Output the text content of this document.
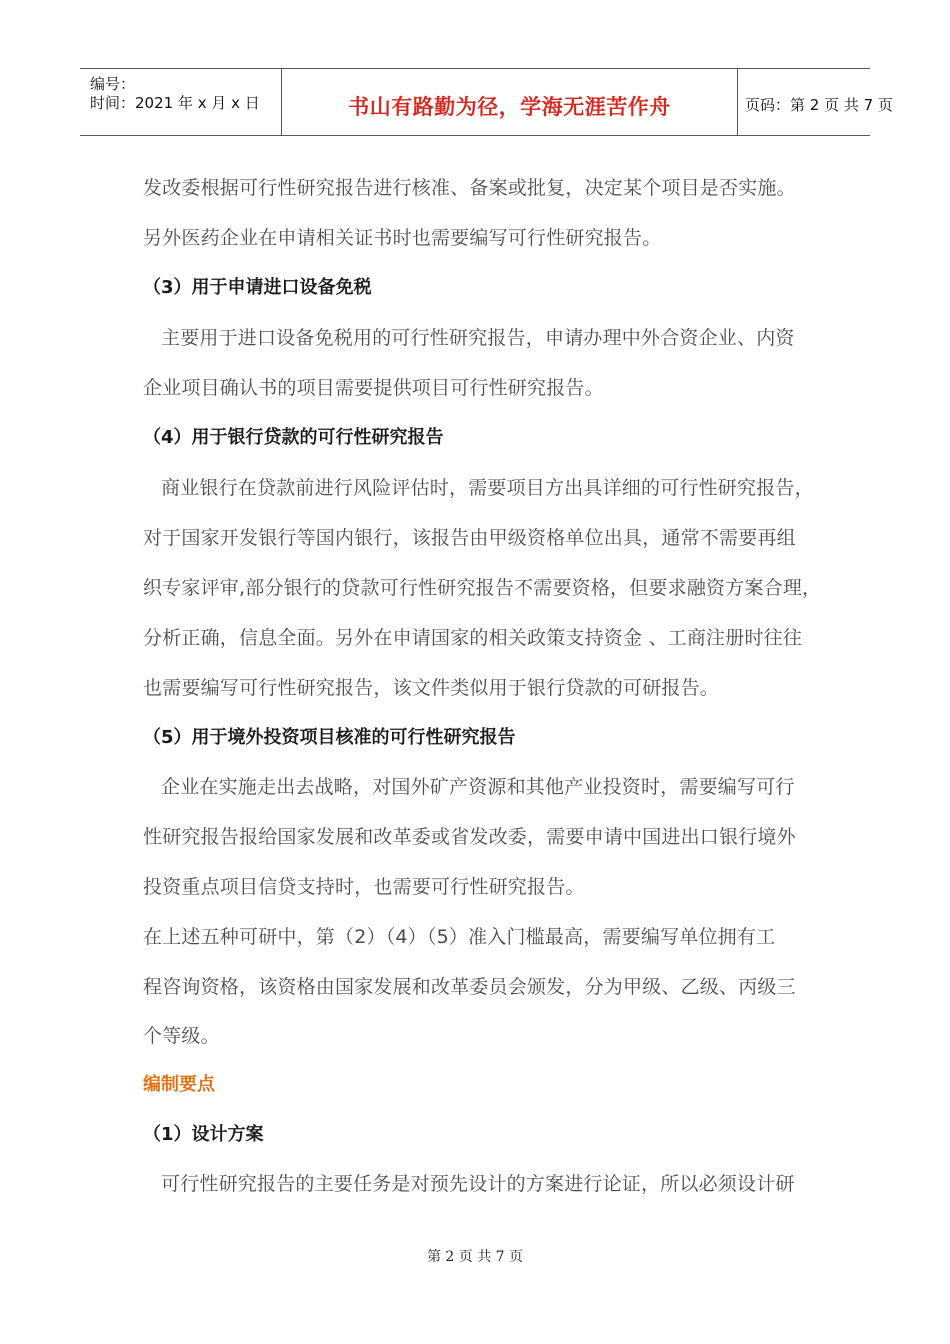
编号：
时间：2021 年 x 月 x 日	书山有路勤为径，学海无涯苦作舟	页码：第 2 页 共 7 页
发改委根据可行性研究报告进行核准、备案或批复，决定某个项目是否实施。
另外医药企业在申请相关证书时也需要编写可行性研究报告。
（3）用于申请进口设备免税
主要用于进口设备免税用的可行性研究报告，申请办理中外合资企业、内资
企业项目确认书的项目需要提供项目可行性研究报告。
（4）用于银行贷款的可行性研究报告
商业银行在贷款前进行风险评估时，需要项目方出具详细的可行性研究报告，
对于国家开发银行等国内银行，该报告由甲级资格单位出具，通常不需要再组
织专家评审,部分银行的贷款可行性研究报告不需要资格，但要求融资方案合理，
分析正确，信息全面。另外在申请国家的相关政策支持资金 、工商注册时往往
也需要编写可行性研究报告，该文件类似用于银行贷款的可研报告。
（5）用于境外投资项目核准的可行性研究报告
企业在实施走出去战略，对国外矿产资源和其他产业投资时，需要编写可行
性研究报告报给国家发展和改革委或省发改委，需要申请中国进出口银行境外
投资重点项目信贷支持时，也需要可行性研究报告。
在上述五种可研中，第（2）（4）（5）准入门槛最高，需要编写单位拥有工
程咨询资格，该资格由国家发展和改革委员会颁发，分为甲级、乙级、丙级三
个等级。
编制要点
（1）设计方案
可行性研究报告的主要任务是对预先设计的方案进行论证，所以必须设计研
第 2 页 共 7 页
